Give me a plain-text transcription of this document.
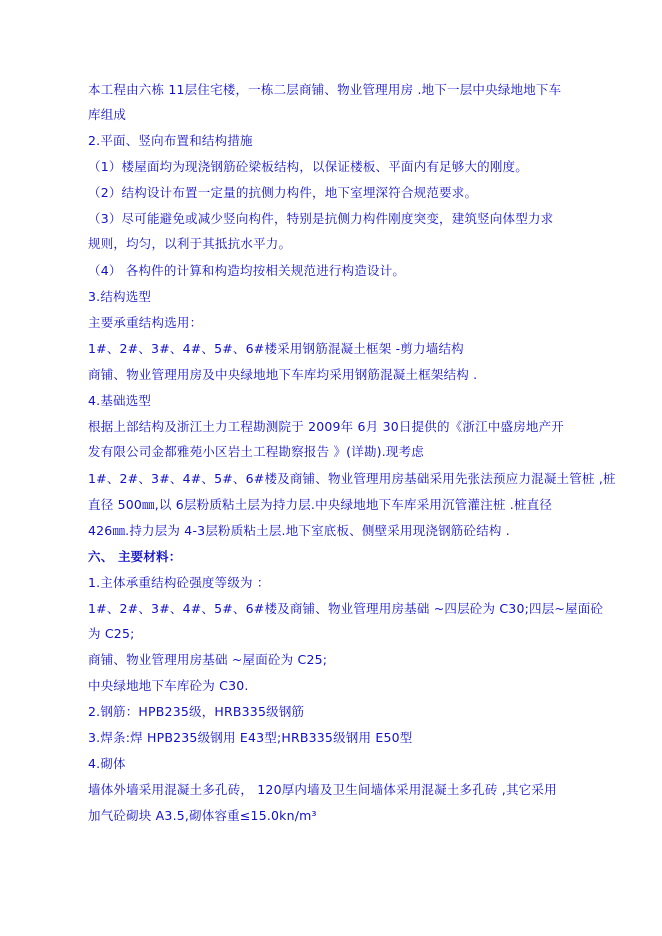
本工程由六栋 11层住宅楼，一栋二层商铺、物业管理用房 .地下一层中央绿地地下车
库组成
2.平面、竖向布置和结构措施
（1）楼屋面均为现浇钢筋砼梁板结构，以保证楼板、平面内有足够大的刚度。
（2）结构设计布置一定量的抗侧力构件，地下室埋深符合规范要求。
（3）尽可能避免或减少竖向构件，特别是抗侧力构件刚度突变，建筑竖向体型力求
规则，均匀，以利于其抵抗水平力。
（4） 各构件的计算和构造均按相关规范进行构造设计。
3.结构选型
主要承重结构选用：
1#、2#、3#、4#、5#、6#楼采用钢筋混凝土框架 -剪力墙结构
商铺、物业管理用房及中央绿地地下车库均采用钢筋混凝土框架结构 .
4.基础选型
根据上部结构及浙江土力工程勘测院于 2009年 6月 30日提供的《浙江中盛房地产开
发有限公司金都雅苑小区岩土工程勘察报告 》(详勘).现考虑
1#、2#、3#、4#、5#、6#楼及商铺、物业管理用房基础采用先张法预应力混凝土管桩 ,桩
直径 500㎜,以 6层粉质粘土层为持力层.中央绿地地下车库采用沉管灌注桩 .桩直径
426㎜.持力层为 4-3层粉质粘土层.地下室底板、侧壁采用现浇钢筋砼结构 .
六、 主要材料：
1.主体承重结构砼强度等级为 ：
1#、2#、3#、4#、5#、6#楼及商铺、物业管理用房基础 ~四层砼为 C30;四层~屋面砼
为 C25;
商铺、物业管理用房基础 ~屋面砼为 C25;
中央绿地地下车库砼为 C30.
2.钢筋：HPB235级，HRB335级钢筋
3.焊条:焊 HPB235级钢用 E43型;HRB335级钢用 E50型
4.砌体
墙体外墙采用混凝土多孔砖， 120厚内墙及卫生间墙体采用混凝土多孔砖 ,其它采用
加气砼砌块 A3.5,砌体容重≤15.0kn/m³
